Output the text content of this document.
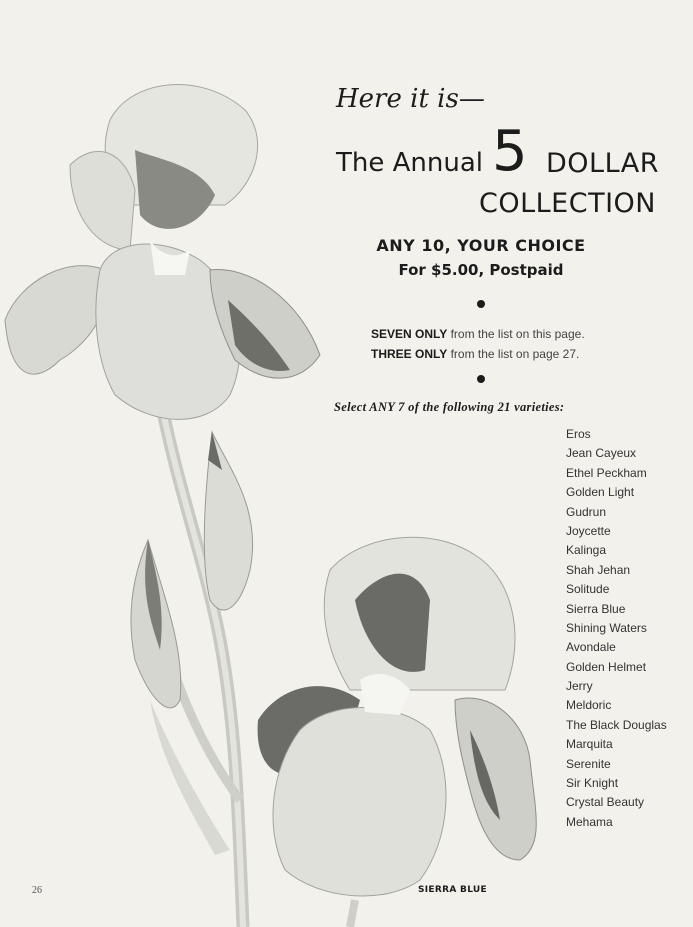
Here it is—
The Annual 5 DOLLAR
COLLECTION
ANY 10, YOUR CHOICE
For $5.00, Postpaid
SEVEN ONLY from the list on this page.
THREE ONLY from the list on page 27.
Select ANY 7 of the following 21 varieties:
Eros
Jean Cayeux
Ethel Peckham
Golden Light
Gudrun
Joycette
Kalinga
Shah Jehan
Solitude
Sierra Blue
Shining Waters
Avondale
Golden Helmet
Jerry
Meldoric
The Black Douglas
Marquita
Serenite
Sir Knight
Crystal Beauty
Mehama
26	SIERRA BLUE
